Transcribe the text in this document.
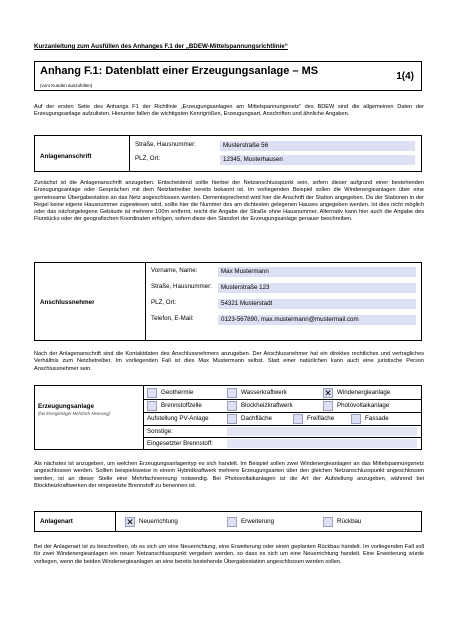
Kurzanleitung zum Ausfüllen des Anhanges F.1 der „BDEW-Mittelspannungsrichtlinie“
Anhang F.1: Datenblatt einer Erzeugungsanlage – MS
(vom Kunden auszufüllen)
1(4)
Auf der ersten Seite des Anhangs F1 der Richtlinie „Erzeugungsanlagen am Mittelspannungsnetz“ des BDEW sind die allgemeinen Daten der Erzeugungsanlage aufzulisten. Hierunter fallen die wichtigsten Kenngrößen, Erzeugungsart, Anschriften und ähnliche Angaben.
Anlagenanschrift
Straße, Hausnummer:	Musterstraße 56
PLZ, Ort:	12345, Musterhausen
Zunächst ist die Anlagenanschrift anzugeben. Entscheidend sollte hierbei der Netzanschlusspunkt sein, sofern dieser aufgrund einer bestehenden Erzeugungsanlage oder Gesprächen mit dem Netzbetreiber bereits bekannt ist. Im vorliegenden Beispiel sollen die Windenergieanlagen über eine gemeinsame Übergabestation an das Netz angeschlossen werden. Dementsprechend wird hier die Anschrift der Station angegeben. Da der Stationen in der Regel keine eigene Hausnummer zugewiesen wird, sollte hier die Nummer des am dichtesten gelegenen Hauses angegeben werden. Ist dies nicht möglich oder das nächstgelegene Gebäude ist mehrere 100m entfernt, reicht die Angabe der Straße ohne Hausnummer. Alternativ kann hier auch die Angabe des Flurstücks oder der geografischen Koordinaten erfolgen, sofern diese den Standort der Erzeugungsanlage genauer beschreiben.
Anschlussnehmer
Vorname, Name:	Max Mustermann
Straße, Hausnummer:	Musterstraße 123
PLZ, Ort:	54321 Musterstadt
Telefon, E-Mail:	0123-567890, max.mustermann@mustermail.com
Nach der Anlagenanschrift sind die Kontaktdaten des Anschlussnehmers anzugeben. Der Anschlussnehmer hat ein direktes rechtliches und vertragliches Verhältnis zum Netzbetreiber. Im vorliegenden Fall ist dies Max Mustermann selbst. Statt einer natürlichen kann auch eine juristische Person Anschlussnehmer sein.
Erzeugungsanlage
(bei Energieträger Mehrfach-Nennung)
Geothermie	Wasserkraftwerk	✕ Windenergieanlage
Brennstoffzelle	Blockheizkraftwerk	Photovoltaikanlage
Aufstellung PV-Anlage	Dachfläche	Freifläche	Fassade
Sonstige:
Eingesetzter Brennstoff:
Als nächstes ist anzugeben, um welchen Erzeugungsanlagentyp es sich handelt. Im Beispiel sollen zwei Windenergieanlagen an das Mittelspannungsnetz angeschlossen werden. Sollten beispielsweise in einem Hybridkraftwerk mehrere Erzeugungsarten über den gleichen Netzanschlusspunkt angeschlossen werden, ist an dieser Stelle eine Mehrfachnennung notwendig. Bei Photovoltaikanlagen ist die Art der Aufstellung anzugeben, während bei Blockheizkraftwerken der eingesetzte Brennstoff zu benennen ist.
Anlagenart	✕ Neuerrichtung	Erweiterung	Rückbau
Bei der Anlagenart ist zu beschreiben, ob es sich um eine Neuerrichtung, eine Erweiterung oder einen geplanten Rückbau handelt. Im vorliegenden Fall soll für zwei Windenergieanlagen ein neuer Netzanschlusspunkt vergeben werden, so dass es sich um eine Neuerrichtung handelt. Eine Erweiterung würde vorliegen, wenn die beiden Windenergieanlagen an eine bereits bestehende Übergabestation angeschlossen werden sollen.
